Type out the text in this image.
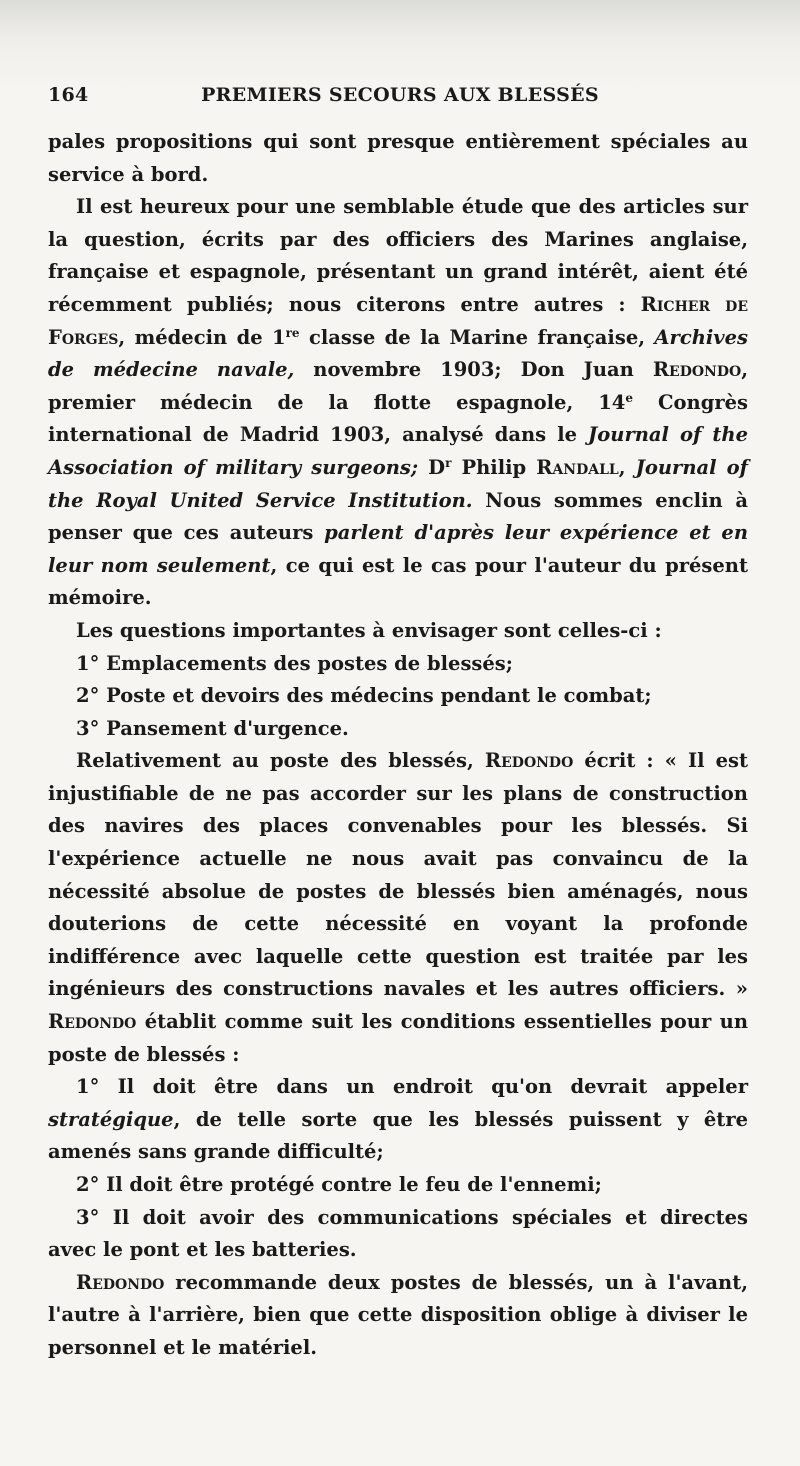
164	PREMIERS SECOURS AUX BLESSÉS

pales propositions qui sont presque entièrement spéciales au service à bord.

Il est heureux pour une semblable étude que des articles sur la question, écrits par des officiers des Marines anglaise, française et espagnole, présentant un grand intérêt, aient été récemment publiés; nous citerons entre autres : Richer de Forges, médecin de 1re classe de la Marine française, Archives de médecine navale, novembre 1903; Don Juan Redondo, premier médecin de la flotte espagnole, 14e Congrès international de Madrid 1903, analysé dans le Journal of the Association of military surgeons; $D^r$ Philip Randall, Journal of the Royal United Service Institution. Nous sommes enclin à penser que ces auteurs parlent d'après leur expérience et en leur nom seulement, ce qui est le cas pour l'auteur du présent mémoire.

Les questions importantes à envisager sont celles-ci :

1° Emplacements des postes de blessés;

2° Poste et devoirs des médecins pendant le combat;

3° Pansement d'urgence.

Relativement au poste des blessés, Redondo écrit : « Il est injustifiable de ne pas accorder sur les plans de construction des navires des places convenables pour les blessés. Si l'expérience actuelle ne nous avait pas convaincu de la nécessité absolue de postes de blessés bien aménagés, nous douterions de cette nécessité en voyant la profonde indifférence avec laquelle cette question est traitée par les ingénieurs des constructions navales et les autres officiers. » Redondo établit comme suit les conditions essentielles pour un poste de blessés :

1° Il doit être dans un endroit qu'on devrait appeler stratégique, de telle sorte que les blessés puissent y être amenés sans grande difficulté;

2° Il doit être protégé contre le feu de l'ennemi;

3° Il doit avoir des communications spéciales et directes avec le pont et les batteries.

Redondo recommande deux postes de blessés, un à l'avant, l'autre à l'arrière, bien que cette disposition oblige à diviser le personnel et le matériel.
